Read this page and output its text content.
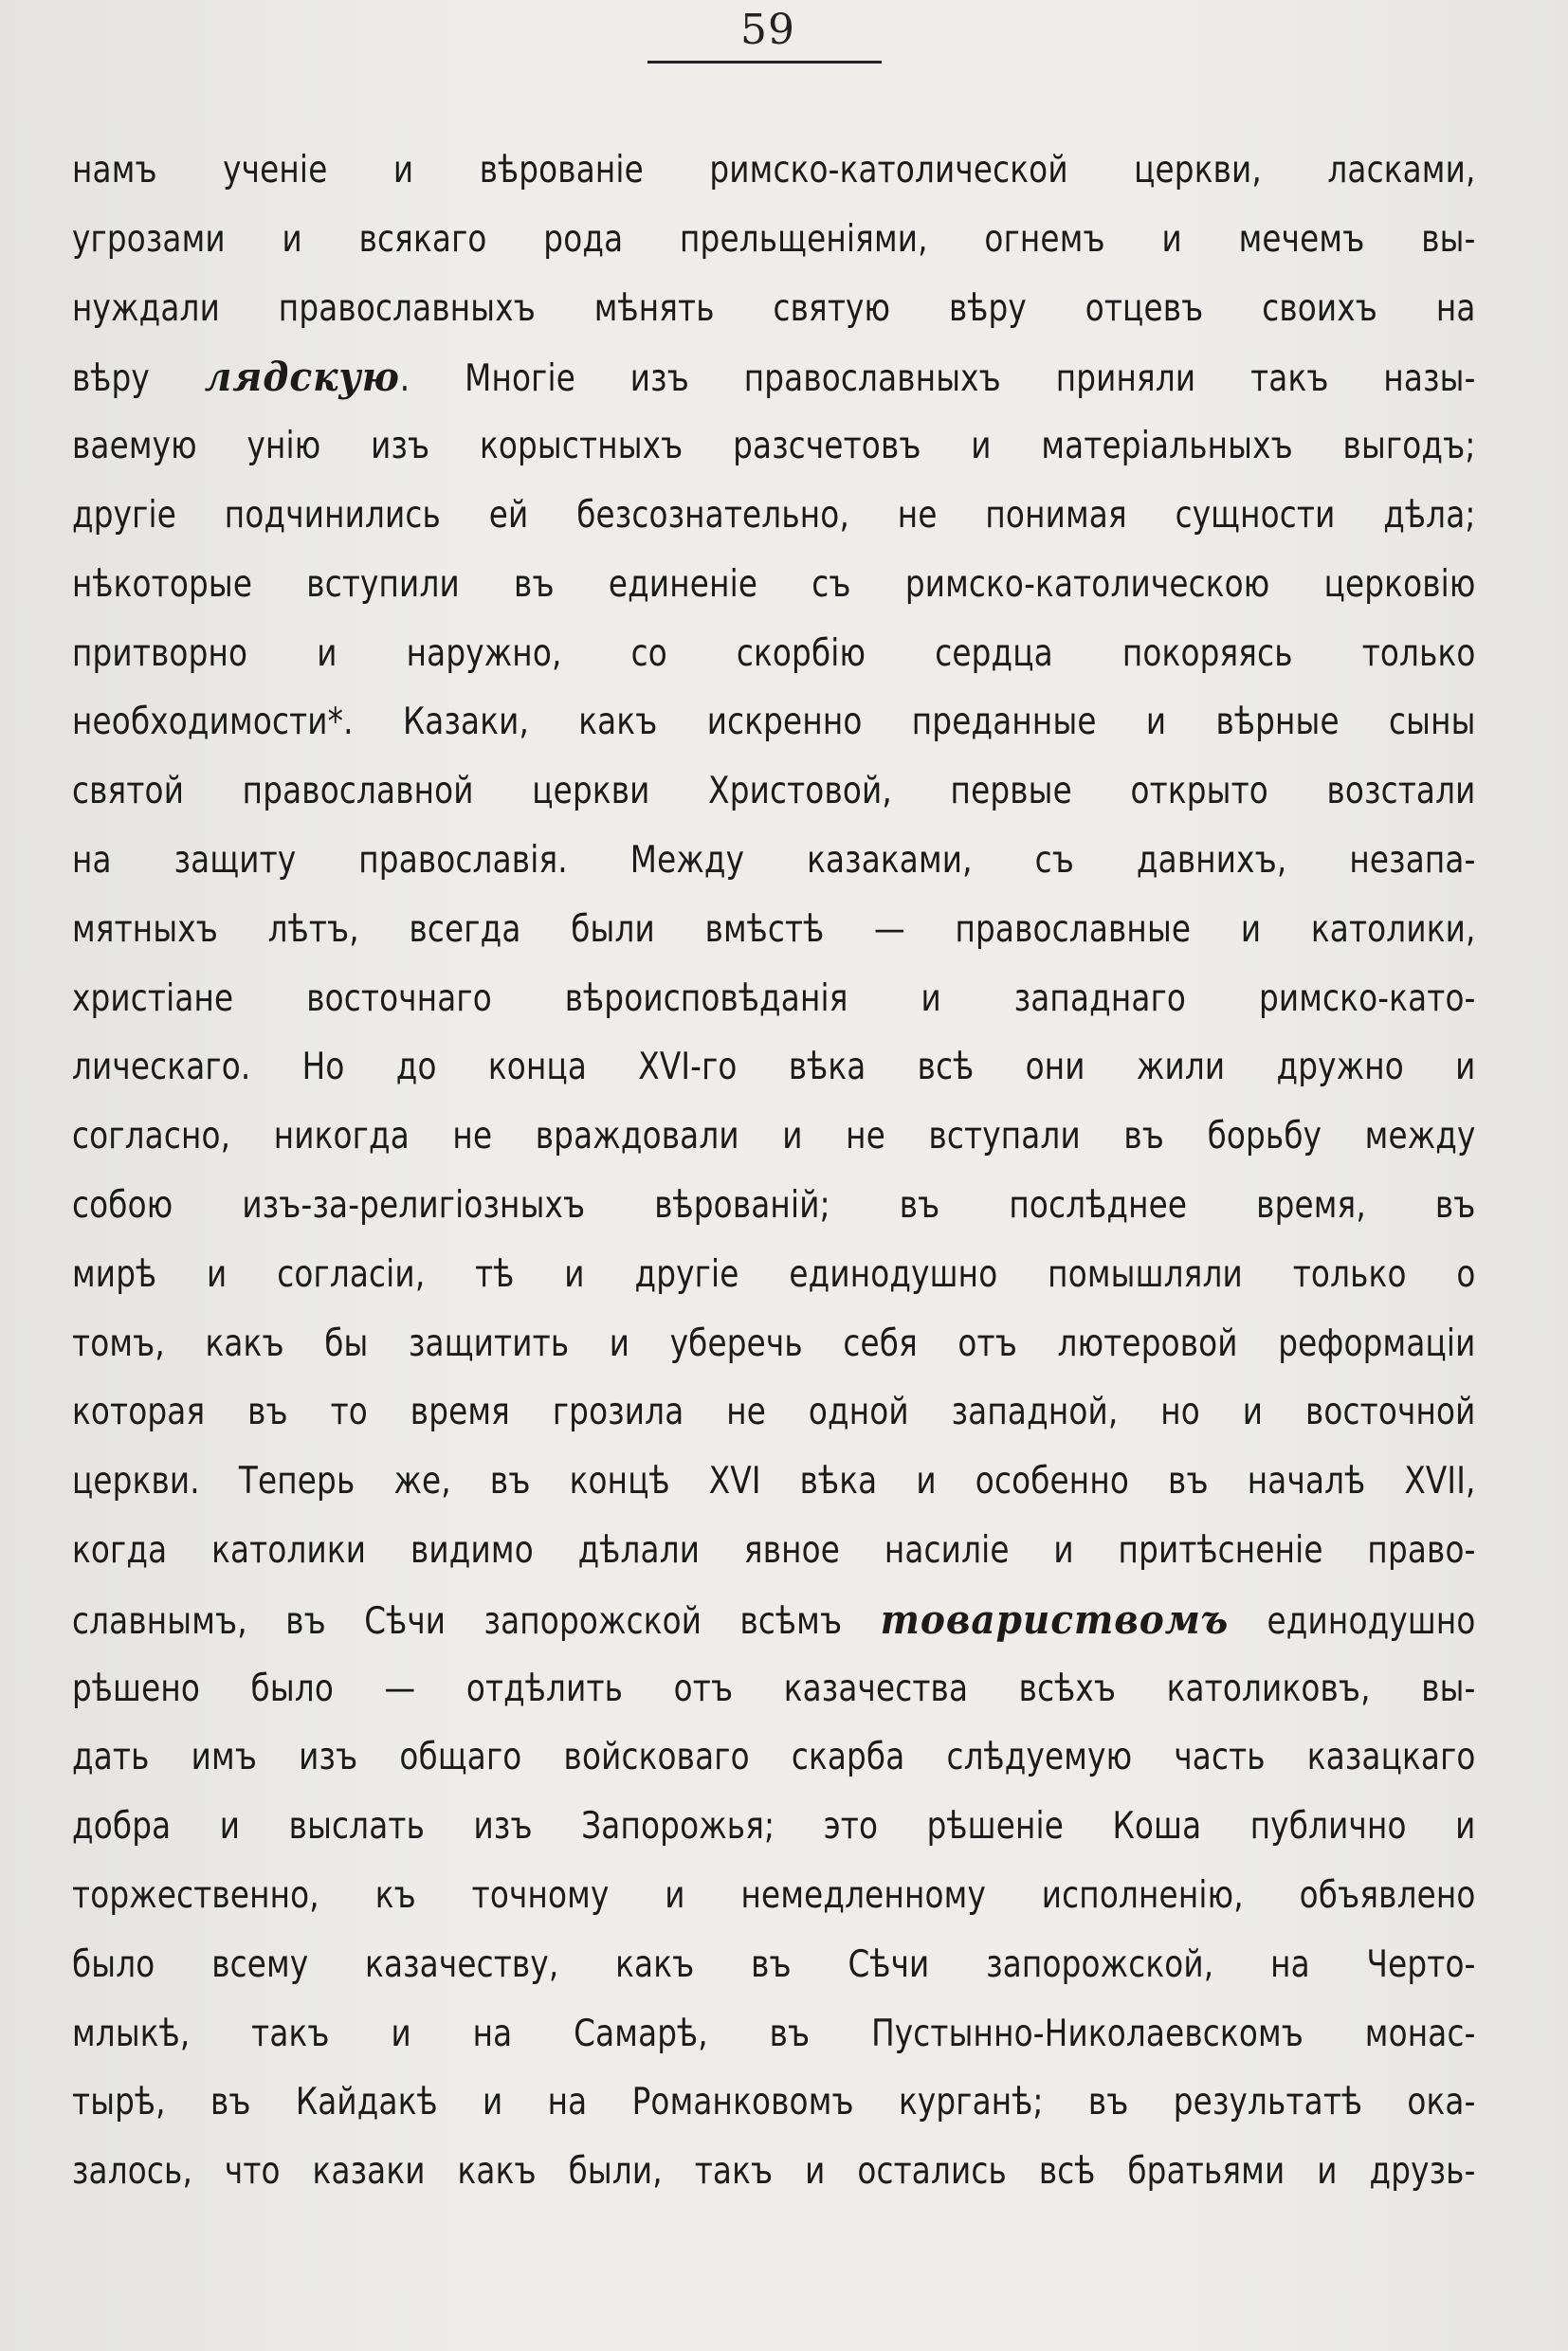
59
намъ ученіе и вѣрованіе римско-католической церкви, ласками,
угрозами и всякаго рода прельщеніями, огнемъ и мечемъ вы-
нуждали православныхъ мѣнять святую вѣру отцевъ своихъ на
вѣру лядскую. Многіе изъ православныхъ приняли такъ назы-
ваемую унію изъ корыстныхъ разсчетовъ и матеріальныхъ выгодъ;
другіе подчинились ей безсознательно, не понимая сущности дѣла;
нѣкоторые вступили въ единеніе съ римско-католическою церковію
притворно и наружно, со скорбію сердца покоряясь только
необходимости*. Казаки, какъ искренно преданные и вѣрные сыны
святой православной церкви Христовой, первые открыто возстали
на защиту православія. Между казаками, съ давнихъ, незапа-
мятныхъ лѣтъ, всегда были вмѣстѣ — православные и католики,
христіане восточнаго вѣроисповѣданія и западнаго римско-като-
лическаго. Но до конца XVI-го вѣка всѣ они жили дружно и
согласно, никогда не враждовали и не вступали въ борьбу между
собою изъ-за-религіозныхъ вѣрованій; въ послѣднее время, въ
мирѣ и согласіи, тѣ и другіе единодушно помышляли только о
томъ, какъ бы защитить и уберечь себя отъ лютеровой реформаціи
которая въ то время грозила не одной западной, но и восточной
церкви. Теперь же, въ концѣ XVI вѣка и особенно въ началѣ XVII,
когда католики видимо дѣлали явное насиліе и притѣсненіе право-
славнымъ, въ Сѣчи запорожской всѣмъ товариствомъ единодушно
рѣшено было — отдѣлить отъ казачества всѣхъ католиковъ, вы-
дать имъ изъ общаго войсковаго скарба слѣдуемую часть казацкаго
добра и выслать изъ Запорожья; это рѣшеніе Коша публично и
торжественно, къ точному и немедленному исполненію, объявлено
было всему казачеству, какъ въ Сѣчи запорожской, на Черто-
млыкѣ, такъ и на Самарѣ, въ Пустынно-Николаевскомъ монас-
тырѣ, въ Кайдакѣ и на Романковомъ курганѣ; въ результатѣ ока-
залось, что казаки какъ были, такъ и остались всѣ братьями и друзь-
